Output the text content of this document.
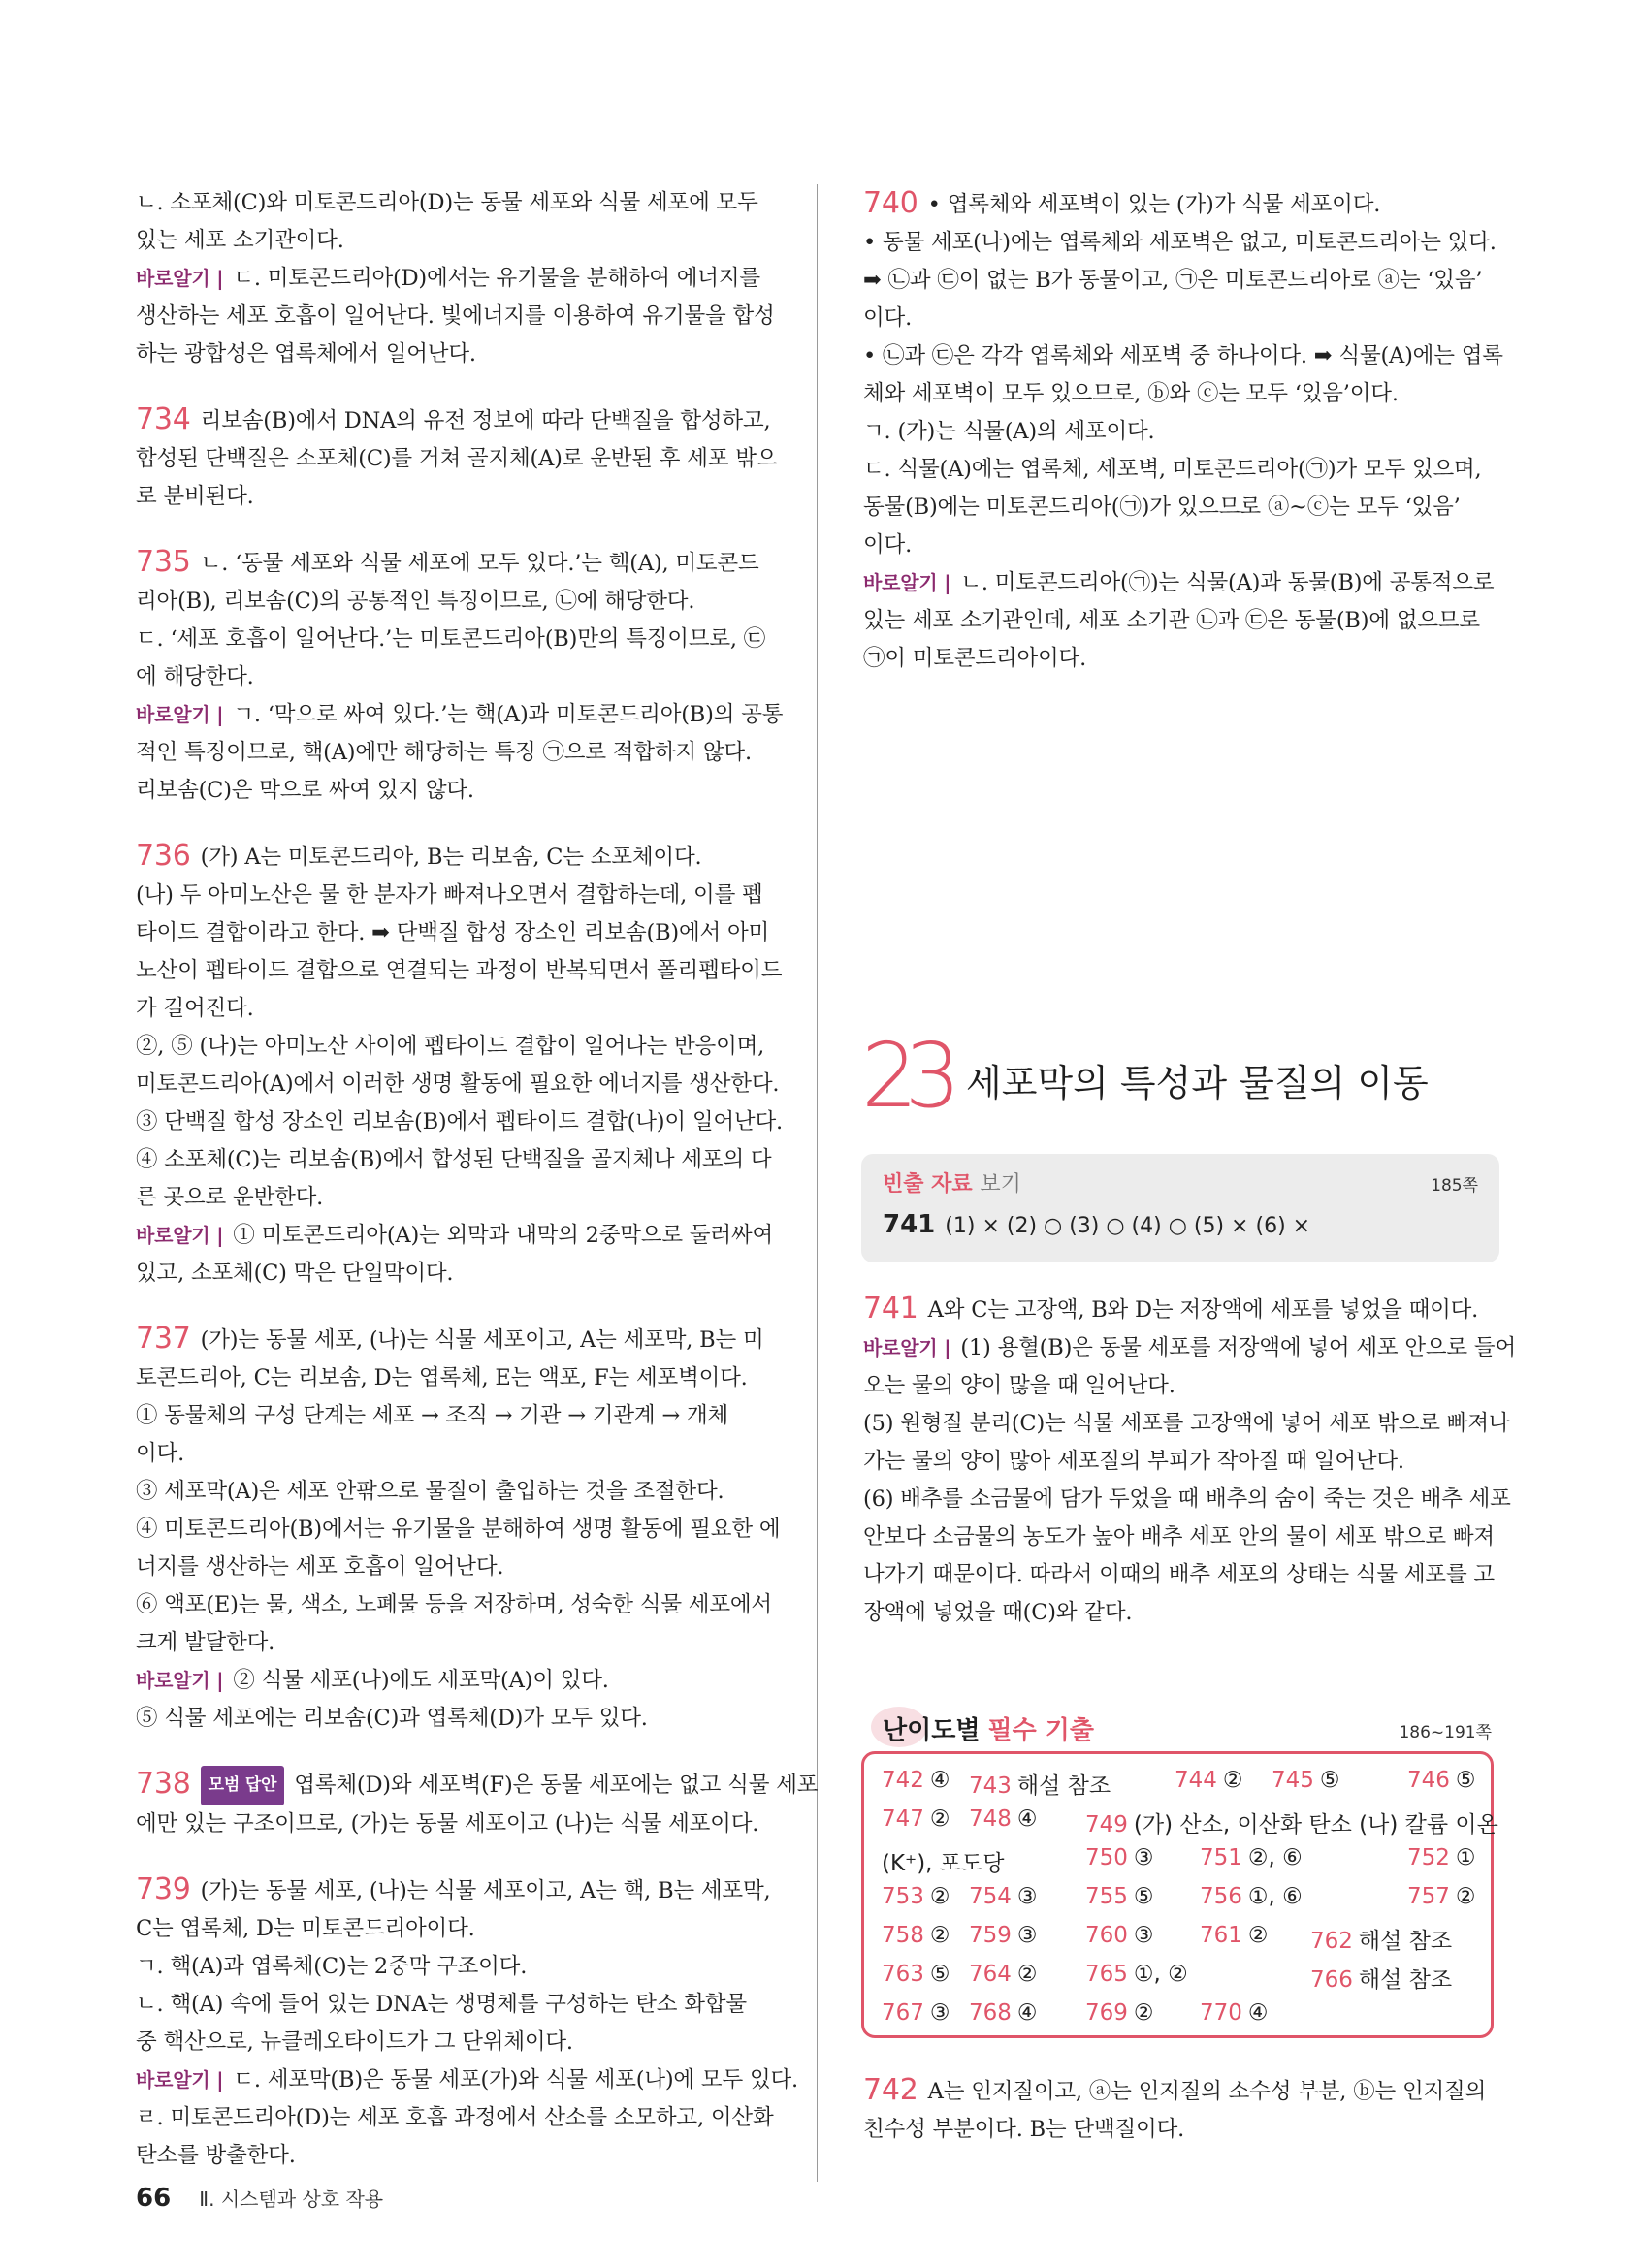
ㄴ. 소포체(C)와 미토콘드리아(D)는 동물 세포와 식물 세포에 모두
있는 세포 소기관이다.
바로알기 | ㄷ. 미토콘드리아(D)에서는 유기물을 분해하여 에너지를
생산하는 세포 호흡이 일어난다. 빛에너지를 이용하여 유기물을 합성
하는 광합성은 엽록체에서 일어난다.
734 리보솜(B)에서 DNA의 유전 정보에 따라 단백질을 합성하고,
합성된 단백질은 소포체(C)를 거쳐 골지체(A)로 운반된 후 세포 밖으
로 분비된다.
735 ㄴ. ‘동물 세포와 식물 세포에 모두 있다.’는 핵(A), 미토콘드
리아(B), 리보솜(C)의 공통적인 특징이므로, ㉡에 해당한다.
ㄷ. ‘세포 호흡이 일어난다.’는 미토콘드리아(B)만의 특징이므로, ㉢
에 해당한다.
바로알기 | ㄱ. ‘막으로 싸여 있다.’는 핵(A)과 미토콘드리아(B)의 공통
적인 특징이므로, 핵(A)에만 해당하는 특징 ㉠으로 적합하지 않다.
리보솜(C)은 막으로 싸여 있지 않다.
736 (가) A는 미토콘드리아, B는 리보솜, C는 소포체이다.
(나) 두 아미노산은 물 한 분자가 빠져나오면서 결합하는데, 이를 펩
타이드 결합이라고 한다. ➡ 단백질 합성 장소인 리보솜(B)에서 아미
노산이 펩타이드 결합으로 연결되는 과정이 반복되면서 폴리펩타이드
가 길어진다.
②, ⑤ (나)는 아미노산 사이에 펩타이드 결합이 일어나는 반응이며,
미토콘드리아(A)에서 이러한 생명 활동에 필요한 에너지를 생산한다.
③ 단백질 합성 장소인 리보솜(B)에서 펩타이드 결합(나)이 일어난다.
④ 소포체(C)는 리보솜(B)에서 합성된 단백질을 골지체나 세포의 다
른 곳으로 운반한다.
바로알기 | ① 미토콘드리아(A)는 외막과 내막의 2중막으로 둘러싸여
있고, 소포체(C) 막은 단일막이다.
737 (가)는 동물 세포, (나)는 식물 세포이고, A는 세포막, B는 미
토콘드리아, C는 리보솜, D는 엽록체, E는 액포, F는 세포벽이다.
① 동물체의 구성 단계는 세포 → 조직 → 기관 → 기관계 → 개체
이다.
③ 세포막(A)은 세포 안팎으로 물질이 출입하는 것을 조절한다.
④ 미토콘드리아(B)에서는 유기물을 분해하여 생명 활동에 필요한 에
너지를 생산하는 세포 호흡이 일어난다.
⑥ 액포(E)는 물, 색소, 노폐물 등을 저장하며, 성숙한 식물 세포에서
크게 발달한다.
바로알기 | ② 식물 세포(나)에도 세포막(A)이 있다.
⑤ 식물 세포에는 리보솜(C)과 엽록체(D)가 모두 있다.
738 모범 답안 엽록체(D)와 세포벽(F)은 동물 세포에는 없고 식물 세포
에만 있는 구조이므로, (가)는 동물 세포이고 (나)는 식물 세포이다.
739 (가)는 동물 세포, (나)는 식물 세포이고, A는 핵, B는 세포막,
C는 엽록체, D는 미토콘드리아이다.
ㄱ. 핵(A)과 엽록체(C)는 2중막 구조이다.
ㄴ. 핵(A) 속에 들어 있는 DNA는 생명체를 구성하는 탄소 화합물
중 핵산으로, 뉴클레오타이드가 그 단위체이다.
바로알기 | ㄷ. 세포막(B)은 동물 세포(가)와 식물 세포(나)에 모두 있다.
ㄹ. 미토콘드리아(D)는 세포 호흡 과정에서 산소를 소모하고, 이산화
탄소를 방출한다.
740 • 엽록체와 세포벽이 있는 (가)가 식물 세포이다.
• 동물 세포(나)에는 엽록체와 세포벽은 없고, 미토콘드리아는 있다.
➡ ㉡과 ㉢이 없는 B가 동물이고, ㉠은 미토콘드리아로 ⓐ는 ‘있음’
이다.
• ㉡과 ㉢은 각각 엽록체와 세포벽 중 하나이다. ➡ 식물(A)에는 엽록
체와 세포벽이 모두 있으므로, ⓑ와 ⓒ는 모두 ‘있음’이다.
ㄱ. (가)는 식물(A)의 세포이다.
ㄷ. 식물(A)에는 엽록체, 세포벽, 미토콘드리아(㉠)가 모두 있으며,
동물(B)에는 미토콘드리아(㉠)가 있으므로 ⓐ~ⓒ는 모두 ‘있음’
이다.
바로알기 | ㄴ. 미토콘드리아(㉠)는 식물(A)과 동물(B)에 공통적으로
있는 세포 소기관인데, 세포 소기관 ㉡과 ㉢은 동물(B)에 없으므로
㉠이 미토콘드리아이다.
23 세포막의 특성과 물질의 이동
빈출 자료 보기	185쪽
741 (1) × (2) ○ (3) ○ (4) ○ (5) × (6) ×
741 A와 C는 고장액, B와 D는 저장액에 세포를 넣었을 때이다.
바로알기 | (1) 용혈(B)은 동물 세포를 저장액에 넣어 세포 안으로 들어
오는 물의 양이 많을 때 일어난다.
(5) 원형질 분리(C)는 식물 세포를 고장액에 넣어 세포 밖으로 빠져나
가는 물의 양이 많아 세포질의 부피가 작아질 때 일어난다.
(6) 배추를 소금물에 담가 두었을 때 배추의 숨이 죽는 것은 배추 세포
안보다 소금물의 농도가 높아 배추 세포 안의 물이 세포 밖으로 빠져
나가기 때문이다. 따라서 이때의 배추 세포의 상태는 식물 세포를 고
장액에 넣었을 때(C)와 같다.
난이도별 필수 기출	186~191쪽
742 ④ 743 해설 참조	744 ② 745 ⑤	746 ⑤
747 ② 748 ④ 749 (가) 산소, 이산화 탄소 (나) 칼륨 이온
(K⁺), 포도당	750 ③ 751 ②, ⑥	752 ①
753 ② 754 ③ 755 ⑤ 756 ①, ⑥	757 ②
758 ② 759 ③ 760 ③ 761 ② 762 해설 참조
763 ⑤ 764 ② 765 ①, ②	766 해설 참조
767 ③ 768 ④ 769 ② 770 ④
742 A는 인지질이고, ⓐ는 인지질의 소수성 부분, ⓑ는 인지질의
친수성 부분이다. B는 단백질이다.
66 Ⅱ. 시스템과 상호 작용
